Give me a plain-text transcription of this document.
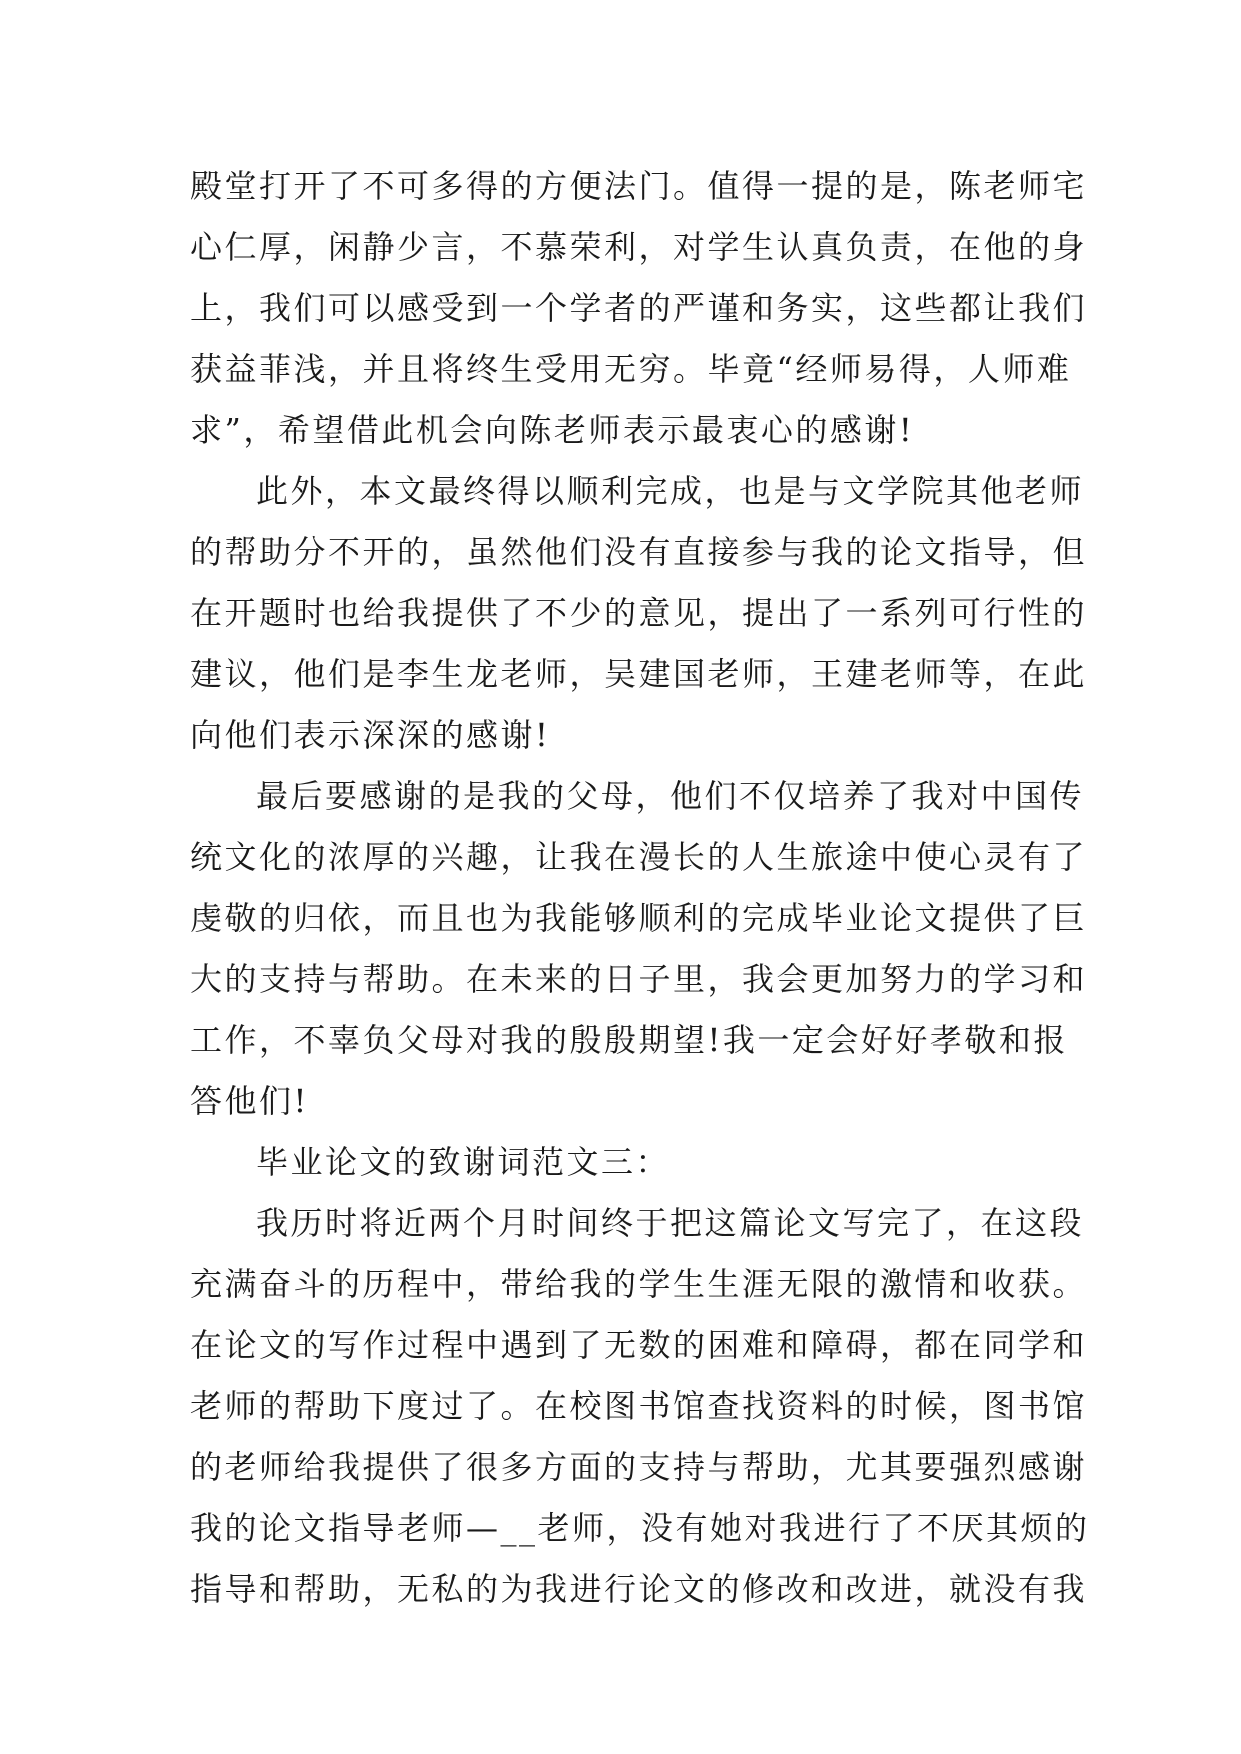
殿堂打开了不可多得的方便法门。值得一提的是，陈老师宅
心仁厚，闲静少言，不慕荣利，对学生认真负责，在他的身
上，我们可以感受到一个学者的严谨和务实，这些都让我们
获益菲浅，并且将终生受用无穷。毕竟“经师易得，人师难
求”，希望借此机会向陈老师表示最衷心的感谢!
此外，本文最终得以顺利完成，也是与文学院其他老师
的帮助分不开的，虽然他们没有直接参与我的论文指导，但
在开题时也给我提供了不少的意见，提出了一系列可行性的
建议，他们是李生龙老师，吴建国老师，王建老师等，在此
向他们表示深深的感谢!
最后要感谢的是我的父母，他们不仅培养了我对中国传
统文化的浓厚的兴趣，让我在漫长的人生旅途中使心灵有了
虔敬的归依，而且也为我能够顺利的完成毕业论文提供了巨
大的支持与帮助。在未来的日子里，我会更加努力的学习和
工作，不辜负父母对我的殷殷期望!我一定会好好孝敬和报
答他们!
毕业论文的致谢词范文三：
我历时将近两个月时间终于把这篇论文写完了，在这段
充满奋斗的历程中，带给我的学生生涯无限的激情和收获。
在论文的写作过程中遇到了无数的困难和障碍，都在同学和
老师的帮助下度过了。在校图书馆查找资料的时候，图书馆
的老师给我提供了很多方面的支持与帮助，尤其要强烈感谢
我的论文指导老师—__老师，没有她对我进行了不厌其烦的
指导和帮助，无私的为我进行论文的修改和改进，就没有我
